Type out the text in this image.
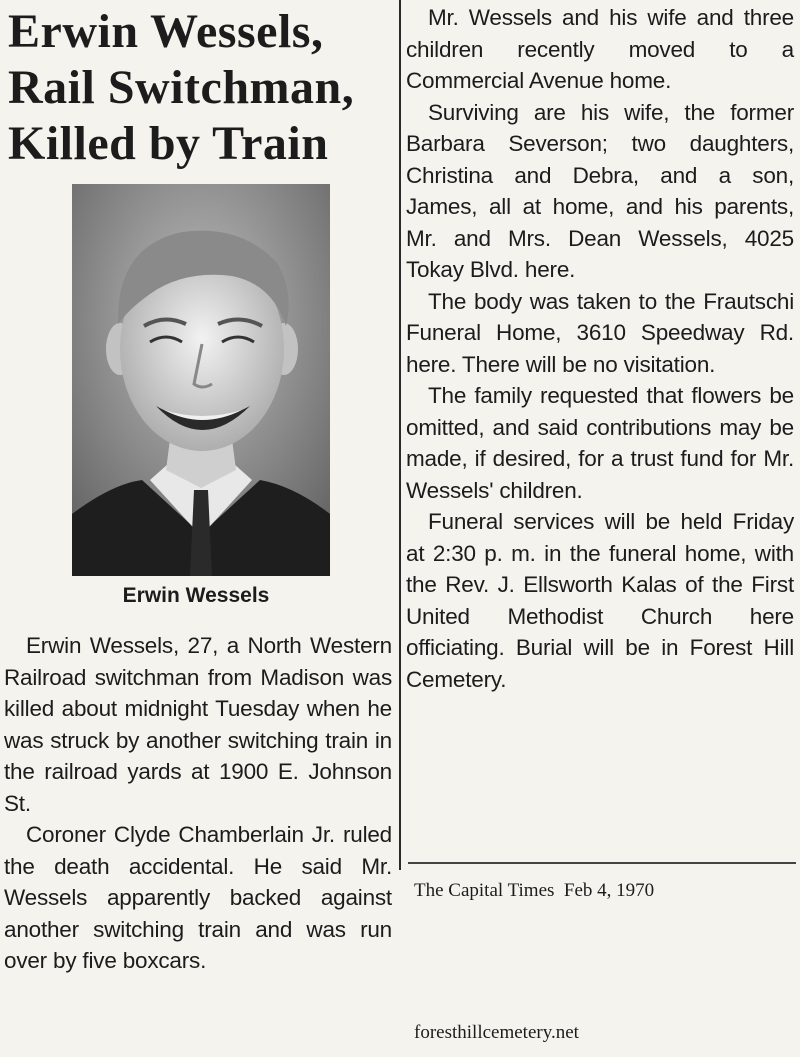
Erwin Wessels,
Rail Switchman,
Killed by Train
Erwin Wessels

Erwin Wessels, 27, a North Western Railroad switchman from Madison was killed about midnight Tuesday when he was struck by another switching train in the railroad yards at 1900 E. Johnson St.

Coroner Clyde Chamberlain Jr. ruled the death accidental. He said Mr. Wessels apparently backed against another switching train and was run over by five boxcars.

Mr. Wessels and his wife and three children recently moved to a Commercial Avenue home.

Surviving are his wife, the former Barbara Severson; two daughters, Christina and Debra, and a son, James, all at home, and his parents, Mr. and Mrs. Dean Wessels, 4025 Tokay Blvd. here.

The body was taken to the Frautschi Funeral Home, 3610 Speedway Rd. here. There will be no visitation.

The family requested that flowers be omitted, and said contributions may be made, if desired, for a trust fund for Mr. Wessels' children.

Funeral services will be held Friday at 2:30 p. m. in the funeral home, with the Rev. J. Ellsworth Kalas of the First United Methodist Church here officiating. Burial will be in Forest Hill Cemetery.

The Capital Times  Feb 4, 1970
foresthillcemetery.net
